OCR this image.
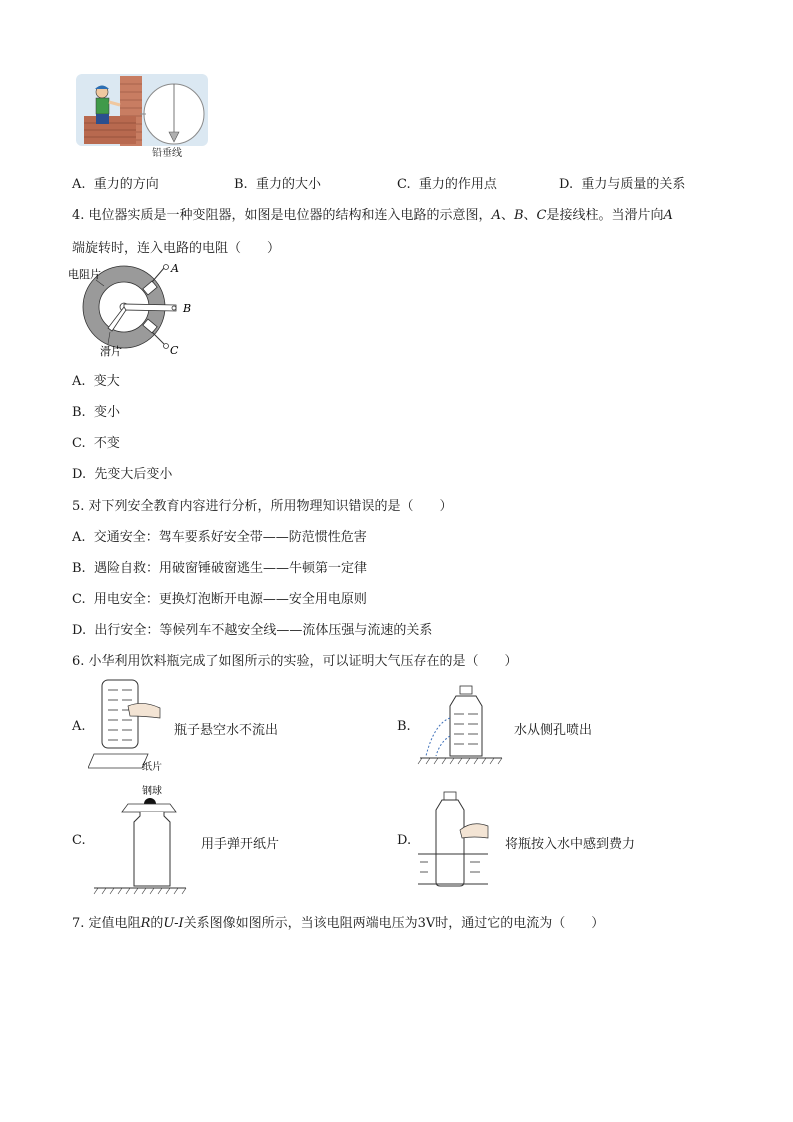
铅垂线
A. 重力的方向	B. 重力的大小	C. 重力的作用点	D. 重力与质量的关系
4. 电位器实质是一种变阻器，如图是电位器的结构和连入电路的示意图，A、B、C是接线柱。当滑片向A
端旋转时，连入电路的电阻（　　）
A
C
B
电阻片
滑片
A. 变大
B. 变小
C. 不变
D. 先变大后变小
5. 对下列安全教育内容进行分析，所用物理知识错误的是（　　）
A. 交通安全：驾车要系好安全带——防范惯性危害
B. 遇险自救：用破窗锤破窗逃生——牛顿第一定律
C. 用电安全：更换灯泡断开电源——安全用电原则
D. 出行安全：等候列车不越安全线——流体压强与流速的关系
6. 小华利用饮料瓶完成了如图所示的实验，可以证明大气压存在的是（　　）
纸片
A.	瓶子悬空水不流出	B.	水从侧孔喷出
钢球
C.	用手弹开纸片	D.	将瓶按入水中感到费力
7. 定值电阻R的U-I关系图像如图所示，当该电阻两端电压为3V时，通过它的电流为（　　）
